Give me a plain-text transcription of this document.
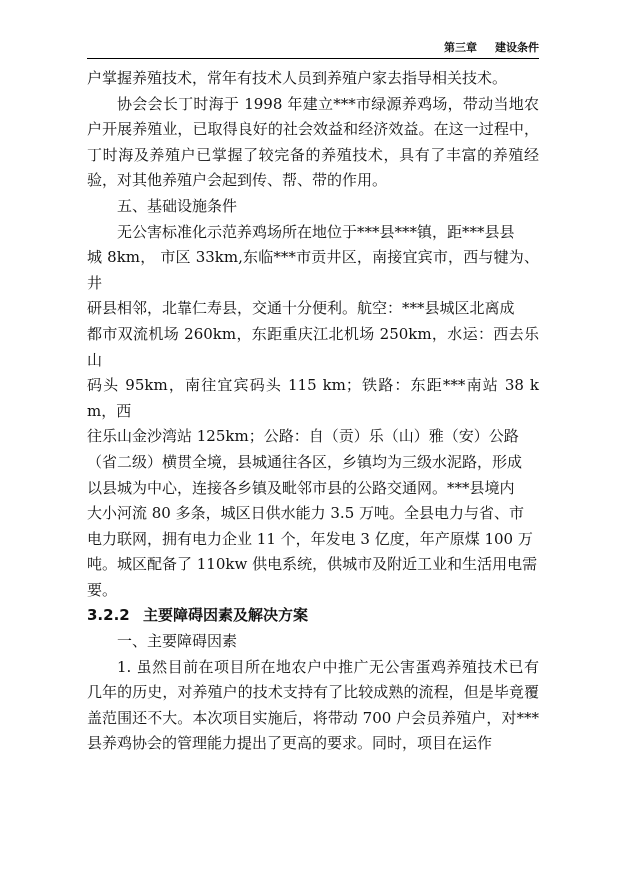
第三章 建设条件

户掌握养殖技术，常年有技术人员到养殖户家去指导相关技术。

协会会长丁时海于 1998 年建立***市绿源养鸡场，带动当地农户开展养殖业，已取得良好的社会效益和经济效益。在这一过程中，丁时海及养殖户已掌握了较完备的养殖技术，具有了丰富的养殖经验，对其他养殖户会起到传、帮、带的作用。

五、基础设施条件

无公害标准化示范养鸡场所在地位于***县***镇，距***县县
城 8km， 市区 33km,东临***市贡井区，南接宜宾市，西与犍为、井
研县相邻，北靠仁寿县，交通十分便利。航空：***县城区北离成
都市双流机场 260km，东距重庆江北机场 250km，水运：西去乐山
码头 95km，南往宜宾码头 115 km；铁路：东距***南站 38 km，西
往乐山金沙湾站 125km；公路：自（贡）乐（山）雅（安）公路
（省二级）横贯全境，县城通往各区，乡镇均为三级水泥路，形成
以县城为中心，连接各乡镇及毗邻市县的公路交通网。***县境内
大小河流 80 多条，城区日供水能力 3.5 万吨。全县电力与省、市
电力联网，拥有电力企业 11 个，年发电 3 亿度，年产原煤 100 万
吨。城区配备了 110kw 供电系统，供城市及附近工业和生活用电需
要。

3.2.2 主要障碍因素及解决方案

一、主要障碍因素

1. 虽然目前在项目所在地农户中推广无公害蛋鸡养殖技术已有几年的历史，对养殖户的技术支持有了比较成熟的流程，但是毕竟覆盖范围还不大。本次项目实施后，将带动 700 户会员养殖户，对***县养鸡协会的管理能力提出了更高的要求。同时，项目在运作
